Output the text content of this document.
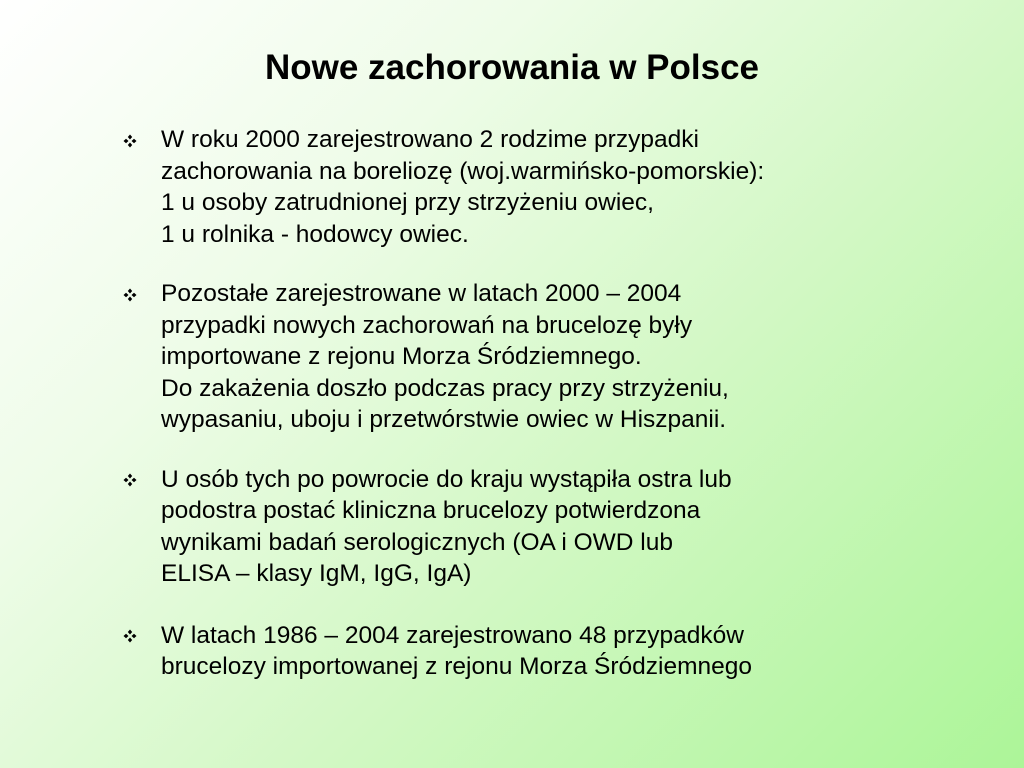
Nowe zachorowania w Polsce
W roku 2000 zarejestrowano 2 rodzime przypadki
zachorowania na boreliozę (woj.warmińsko-pomorskie):
1 u osoby zatrudnionej przy strzyżeniu owiec,
1 u rolnika - hodowcy owiec.
Pozostałe zarejestrowane w latach 2000 – 2004
przypadki nowych zachorowań na brucelozę były
importowane z rejonu Morza Śródziemnego.
Do zakażenia doszło podczas pracy przy strzyżeniu,
wypasaniu, uboju i przetwórstwie owiec w Hiszpanii.
U osób tych po powrocie do kraju wystąpiła ostra lub
podostra postać kliniczna brucelozy potwierdzona
wynikami badań serologicznych (OA i OWD lub
ELISA – klasy IgM, IgG, IgA)
W latach 1986 – 2004 zarejestrowano 48 przypadków
brucelozy importowanej z rejonu Morza Śródziemnego
